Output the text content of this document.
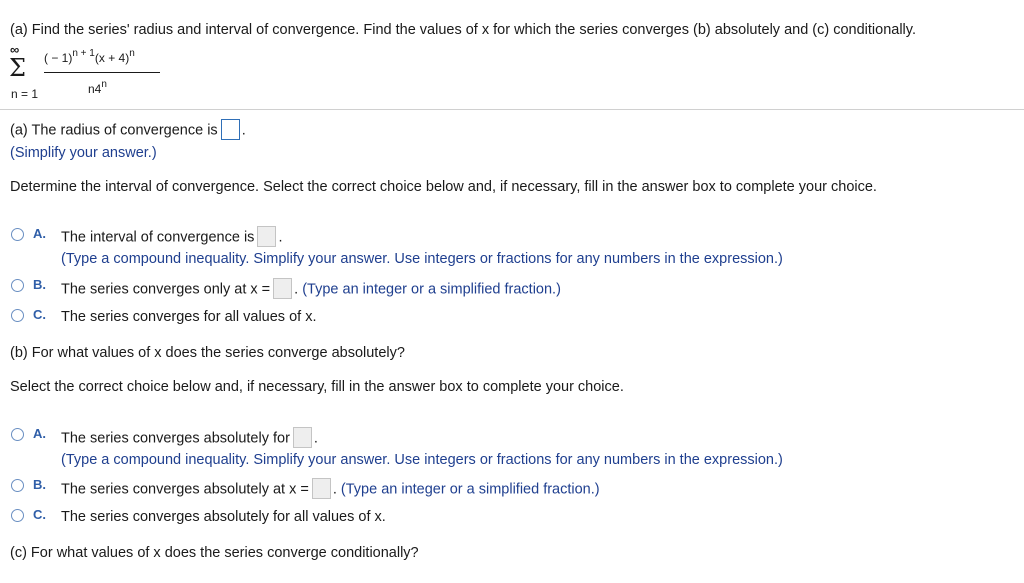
(a) Find the series' radius and interval of convergence. Find the values of x for which the series converges (b) absolutely and (c) conditionally.
∞
Σ
n = 1
( − $1)^{n + 1}(x + 4)^n$
n4$^n$
(a) The radius of convergence is .
(Simplify your answer.)
Determine the interval of convergence. Select the correct choice below and, if necessary, fill in the answer box to complete your choice.
A. The interval of convergence is .
(Type a compound inequality. Simplify your answer. Use integers or fractions for any numbers in the expression.)
B. The series converges only at x = . (Type an integer or a simplified fraction.)
C. The series converges for all values of x.
(b) For what values of x does the series converge absolutely?
Select the correct choice below and, if necessary, fill in the answer box to complete your choice.
A. The series converges absolutely for .
(Type a compound inequality. Simplify your answer. Use integers or fractions for any numbers in the expression.)
B. The series converges absolutely at x = . (Type an integer or a simplified fraction.)
C. The series converges absolutely for all values of x.
(c) For what values of x does the series converge conditionally?
